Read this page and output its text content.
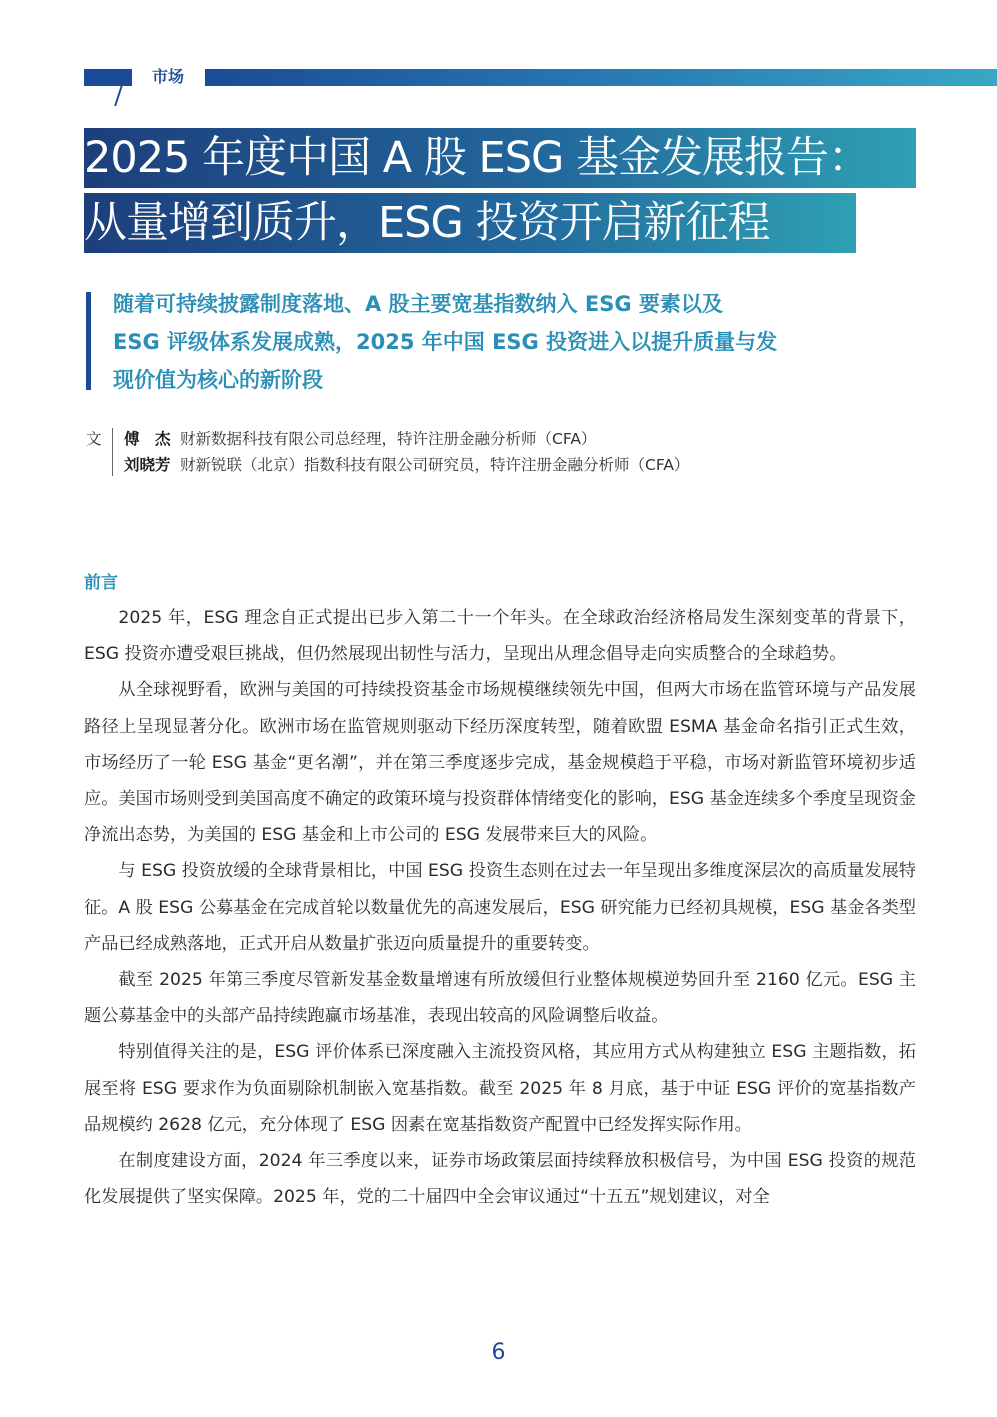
市场
2025 年度中国 A 股 ESG 基金发展报告：
从量增到质升，ESG 投资开启新征程
随着可持续披露制度落地、A 股主要宽基指数纳入 ESG 要素以及
ESG 评级体系发展成熟，2025 年中国 ESG 投资进入以提升质量与发
现价值为核心的新阶段
文 傅　杰 财新数据科技有限公司总经理，特许注册金融分析师（CFA）
刘晓芳 财新锐联（北京）指数科技有限公司研究员，特许注册金融分析师（CFA）
前言

2025 年，ESG 理念自正式提出已步入第二十一个年头。在全球政治经济格局发生深刻变革的背景下，ESG 投资亦遭受艰巨挑战，但仍然展现出韧性与活力，呈现出从理念倡导走向实质整合的全球趋势。

从全球视野看，欧洲与美国的可持续投资基金市场规模继续领先中国，但两大市场在监管环境与产品发展路径上呈现显著分化。欧洲市场在监管规则驱动下经历深度转型，随着欧盟 ESMA 基金命名指引正式生效，市场经历了一轮 ESG 基金“更名潮”，并在第三季度逐步完成，基金规模趋于平稳，市场对新监管环境初步适应。美国市场则受到美国高度不确定的政策环境与投资群体情绪变化的影响，ESG 基金连续多个季度呈现资金净流出态势，为美国的 ESG 基金和上市公司的 ESG 发展带来巨大的风险。

与 ESG 投资放缓的全球背景相比，中国 ESG 投资生态则在过去一年呈现出多维度深层次的高质量发展特征。A 股 ESG 公募基金在完成首轮以数量优先的高速发展后，ESG 研究能力已经初具规模，ESG 基金各类型产品已经成熟落地，正式开启从数量扩张迈向质量提升的重要转变。

截至 2025 年第三季度尽管新发基金数量增速有所放缓但行业整体规模逆势回升至 2160 亿元。ESG 主题公募基金中的头部产品持续跑赢市场基准，表现出较高的风险调整后收益。

特别值得关注的是，ESG 评价体系已深度融入主流投资风格，其应用方式从构建独立 ESG 主题指数，拓展至将 ESG 要求作为负面剔除机制嵌入宽基指数。截至 2025 年 8 月底，基于中证 ESG 评价的宽基指数产品规模约 2628 亿元，充分体现了 ESG 因素在宽基指数资产配置中已经发挥实际作用。

在制度建设方面，2024 年三季度以来，证券市场政策层面持续释放积极信号，为中国 ESG 投资的规范化发展提供了坚实保障。2025 年，党的二十届四中全会审议通过“十五五”规划建议，对全

6
